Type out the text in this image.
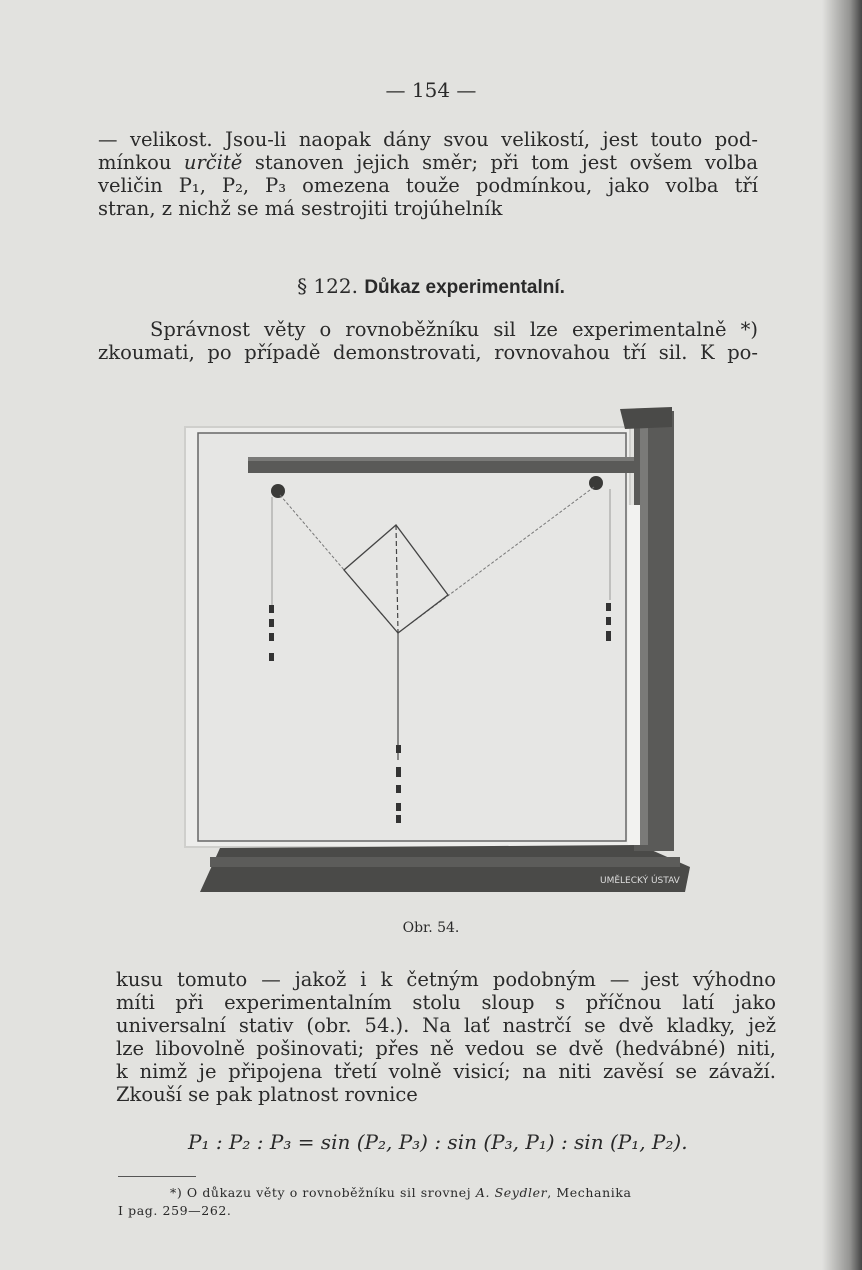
— 154 —

— velikost. Jsou-li naopak dány svou velikostí, jest touto pod-
mínkou určitě stanoven jejich směr; při tom jest ovšem volba
veličin P₁, P₂, P₃ omezena touže podmínkou, jako volba tří
stran, z nichž se má sestrojiti trojúhelník

§ 122. Důkaz experimentalní.

Správnost věty o rovnoběžníku sil lze experimentalně *)
zkoumati, po případě demonstrovati, rovnovahou tří sil. K po-

UMĚLECKÝ ÚSTAV
Obr. 54.

kusu tomuto — jakož i k četným podobným — jest výhodno
míti při experimentalním stolu sloup s příčnou latí jako
universalní stativ (obr. 54.). Na lať nastrčí se dvě kladky, jež
lze libovolně pošinovati; přes ně vedou se dvě (hedvábné) niti,
k nimž je připojena třetí volně visicí; na niti zavěsí se závaží.
Zkouší se pak platnost rovnice

P₁ : P₂ : P₃ = sin (P₂, P₃) : sin (P₃, P₁) : sin (P₁, P₂).
*) O důkazu věty o rovnoběžníku sil srovnej A. Seydler, Mechanika
I pag. 259—262.
